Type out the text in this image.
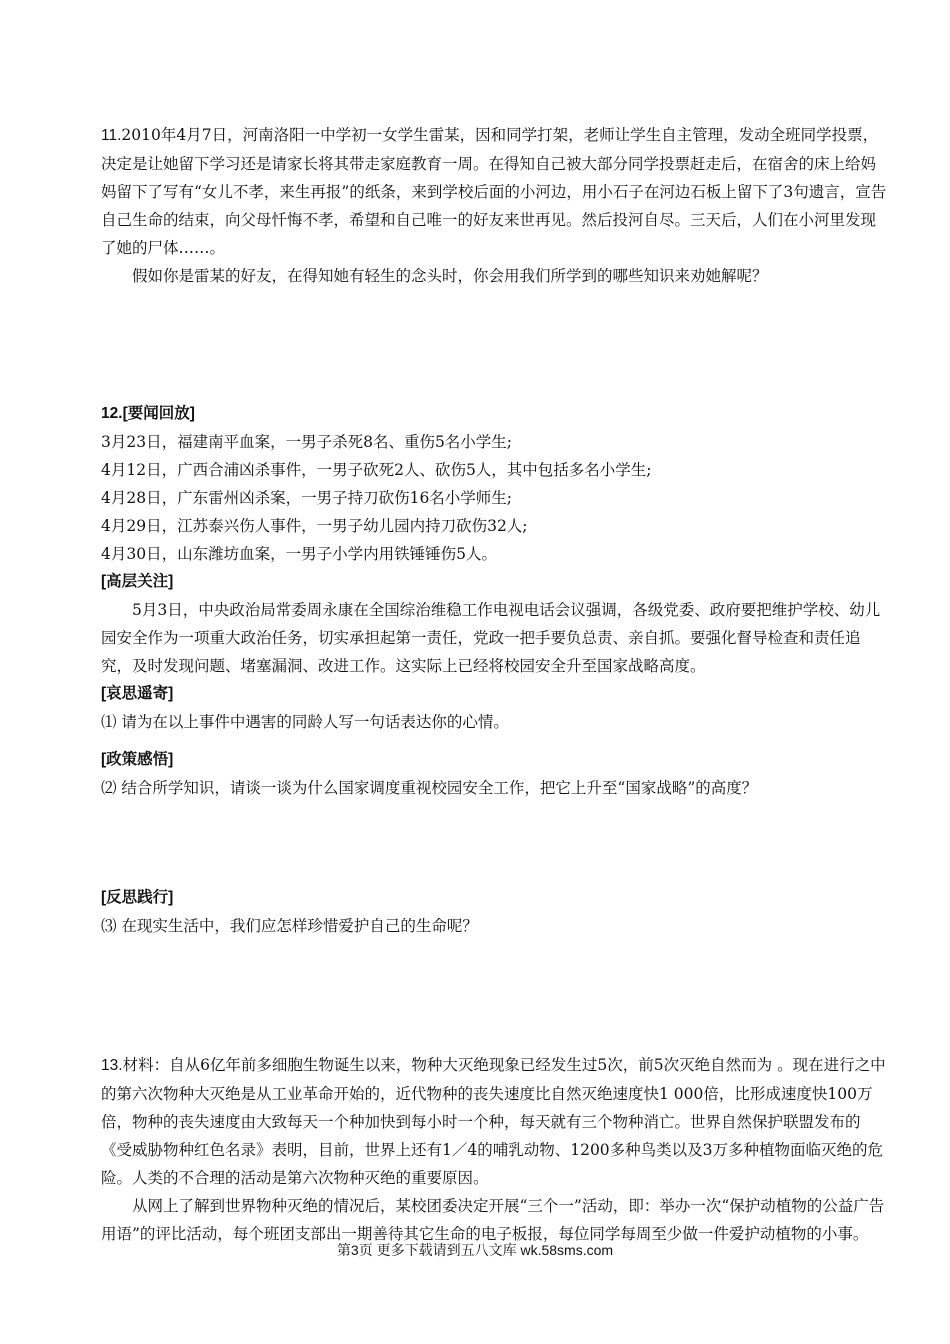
11.2010年4月7日，河南洛阳一中学初一女学生雷某，因和同学打架，老师让学生自主管理，发动全班同学投票，决定是让她留下学习还是请家长将其带走家庭教育一周。在得知自己被大部分同学投票赶走后，在宿舍的床上给妈妈留下了写有“女儿不孝，来生再报”的纸条，来到学校后面的小河边，用小石子在河边石板上留下了3句遗言，宣告自己生命的结束，向父母忏悔不孝，希望和自己唯一的好友来世再见。然后投河自尽。三天后，人们在小河里发现了她的尸体……。

假如你是雷某的好友，在得知她有轻生的念头时，你会用我们所学到的哪些知识来劝她解呢？

12.[要闻回放]

3月23日，福建南平血案，一男子杀死8名、重伤5名小学生;

4月12日，广西合浦凶杀事件，一男子砍死2人、砍伤5人，其中包括多名小学生;

4月28日，广东雷州凶杀案，一男子持刀砍伤16名小学师生;

4月29日，江苏泰兴伤人事件，一男子幼儿园内持刀砍伤32人;

4月30日，山东潍坊血案，一男子小学内用铁锤锤伤5人。

[高层关注]

5月3日，中央政治局常委周永康在全国综治维稳工作电视电话会议强调，各级党委、政府要把维护学校、幼儿园安全作为一项重大政治任务，切实承担起第一责任，党政一把手要负总责、亲自抓。要强化督导检查和责任追究，及时发现问题、堵塞漏洞、改进工作。这实际上已经将校园安全升至国家战略高度。

[哀思遥寄]

⑴ 请为在以上事件中遇害的同龄人写一句话表达你的心情。

[政策感悟]

⑵ 结合所学知识，请谈一谈为什么国家调度重视校园安全工作，把它上升至“国家战略”的高度？

[反思践行]

⑶ 在现实生活中，我们应怎样珍惜爱护自己的生命呢？

13.材料：自从6亿年前多细胞生物诞生以来，物种大灭绝现象已经发生过5次，前5次灭绝自然而为 。现在进行之中的第六次物种大灭绝是从工业革命开始的，近代物种的丧失速度比自然灭绝速度快1 000倍，比形成速度快100万倍，物种的丧失速度由大致每天一个种加快到每小时一个种，每天就有三个物种消亡。世界自然保护联盟发布的《受威胁物种红色名录》表明，目前，世界上还有1／4的哺乳动物、1200多种鸟类以及3万多种植物面临灭绝的危险。人类的不合理的活动是第六次物种灭绝的重要原因。

从网上了解到世界物种灭绝的情况后，某校团委决定开展“三个一”活动，即：举办一次“保护动植物的公益广告用语”的评比活动，每个班团支部出一期善待其它生命的电子板报，每位同学每周至少做一件爱护动植物的小事。

第3页 更多下载请到五八文库 wk.58sms.com
